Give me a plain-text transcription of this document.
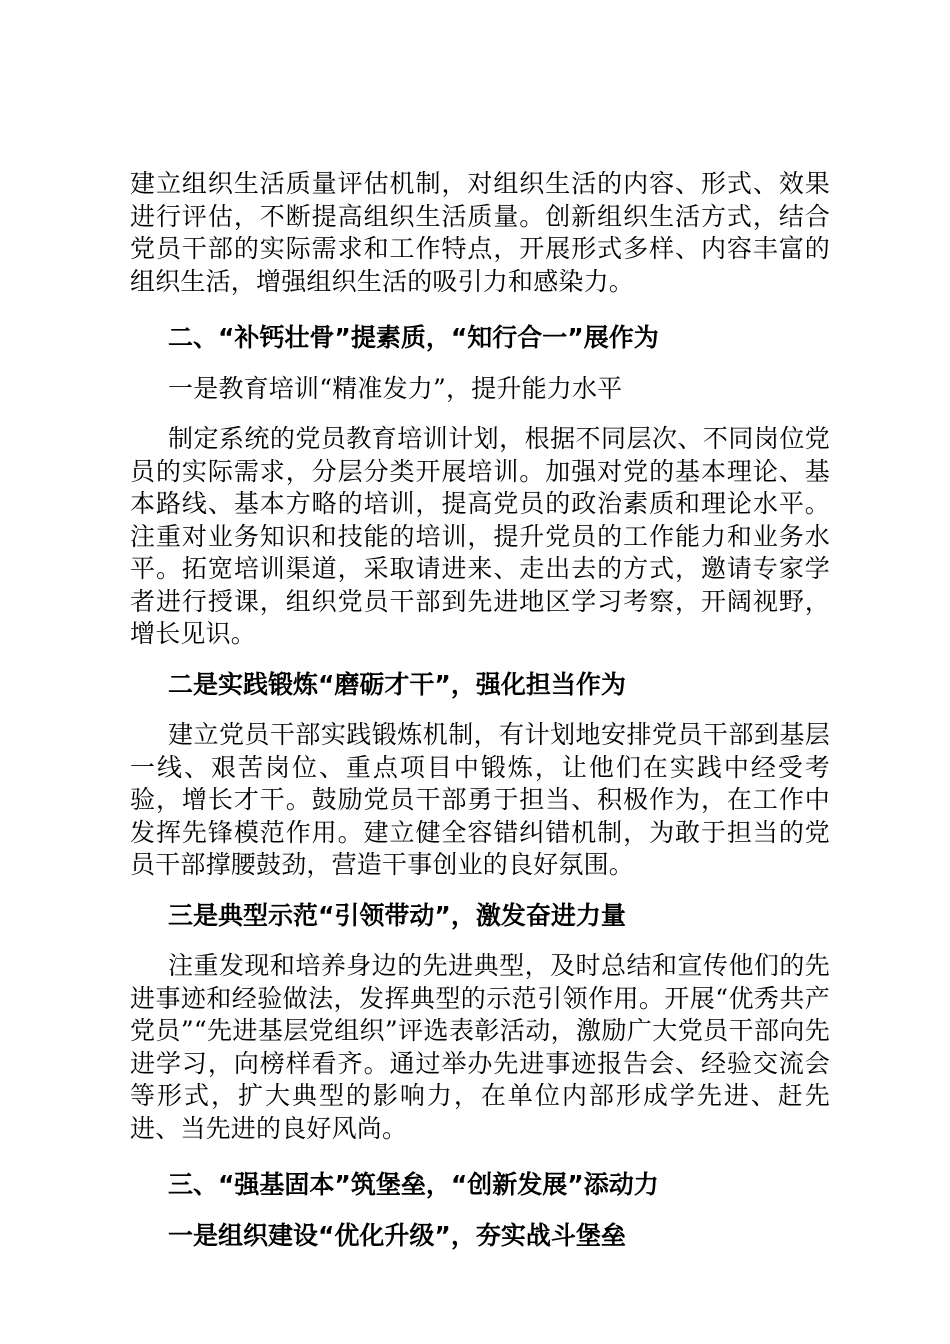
建立组织生活质量评估机制，对组织生活的内容、形式、效果进行评估，不断提高组织生活质量。创新组织生活方式，结合党员干部的实际需求和工作特点，开展形式多样、内容丰富的组织生活，增强组织生活的吸引力和感染力。

二、“补钙壮骨”提素质，“知行合一”展作为

一是教育培训“精准发力”，提升能力水平

制定系统的党员教育培训计划，根据不同层次、不同岗位党员的实际需求，分层分类开展培训。加强对党的基本理论、基本路线、基本方略的培训，提高党员的政治素质和理论水平。注重对业务知识和技能的培训，提升党员的工作能力和业务水平。拓宽培训渠道，采取请进来、走出去的方式，邀请专家学者进行授课，组织党员干部到先进地区学习考察，开阔视野，增长见识。

二是实践锻炼“磨砺才干”，强化担当作为

建立党员干部实践锻炼机制，有计划地安排党员干部到基层一线、艰苦岗位、重点项目中锻炼，让他们在实践中经受考验，增长才干。鼓励党员干部勇于担当、积极作为，在工作中发挥先锋模范作用。建立健全容错纠错机制，为敢于担当的党员干部撑腰鼓劲，营造干事创业的良好氛围。

三是典型示范“引领带动”，激发奋进力量

注重发现和培养身边的先进典型，及时总结和宣传他们的先进事迹和经验做法，发挥典型的示范引领作用。开展“优秀共产党员”“先进基层党组织”评选表彰活动，激励广大党员干部向先进学习，向榜样看齐。通过举办先进事迹报告会、经验交流会等形式，扩大典型的影响力，在单位内部形成学先进、赶先进、当先进的良好风尚。

三、“强基固本”筑堡垒，“创新发展”添动力

一是组织建设“优化升级”，夯实战斗堡垒
